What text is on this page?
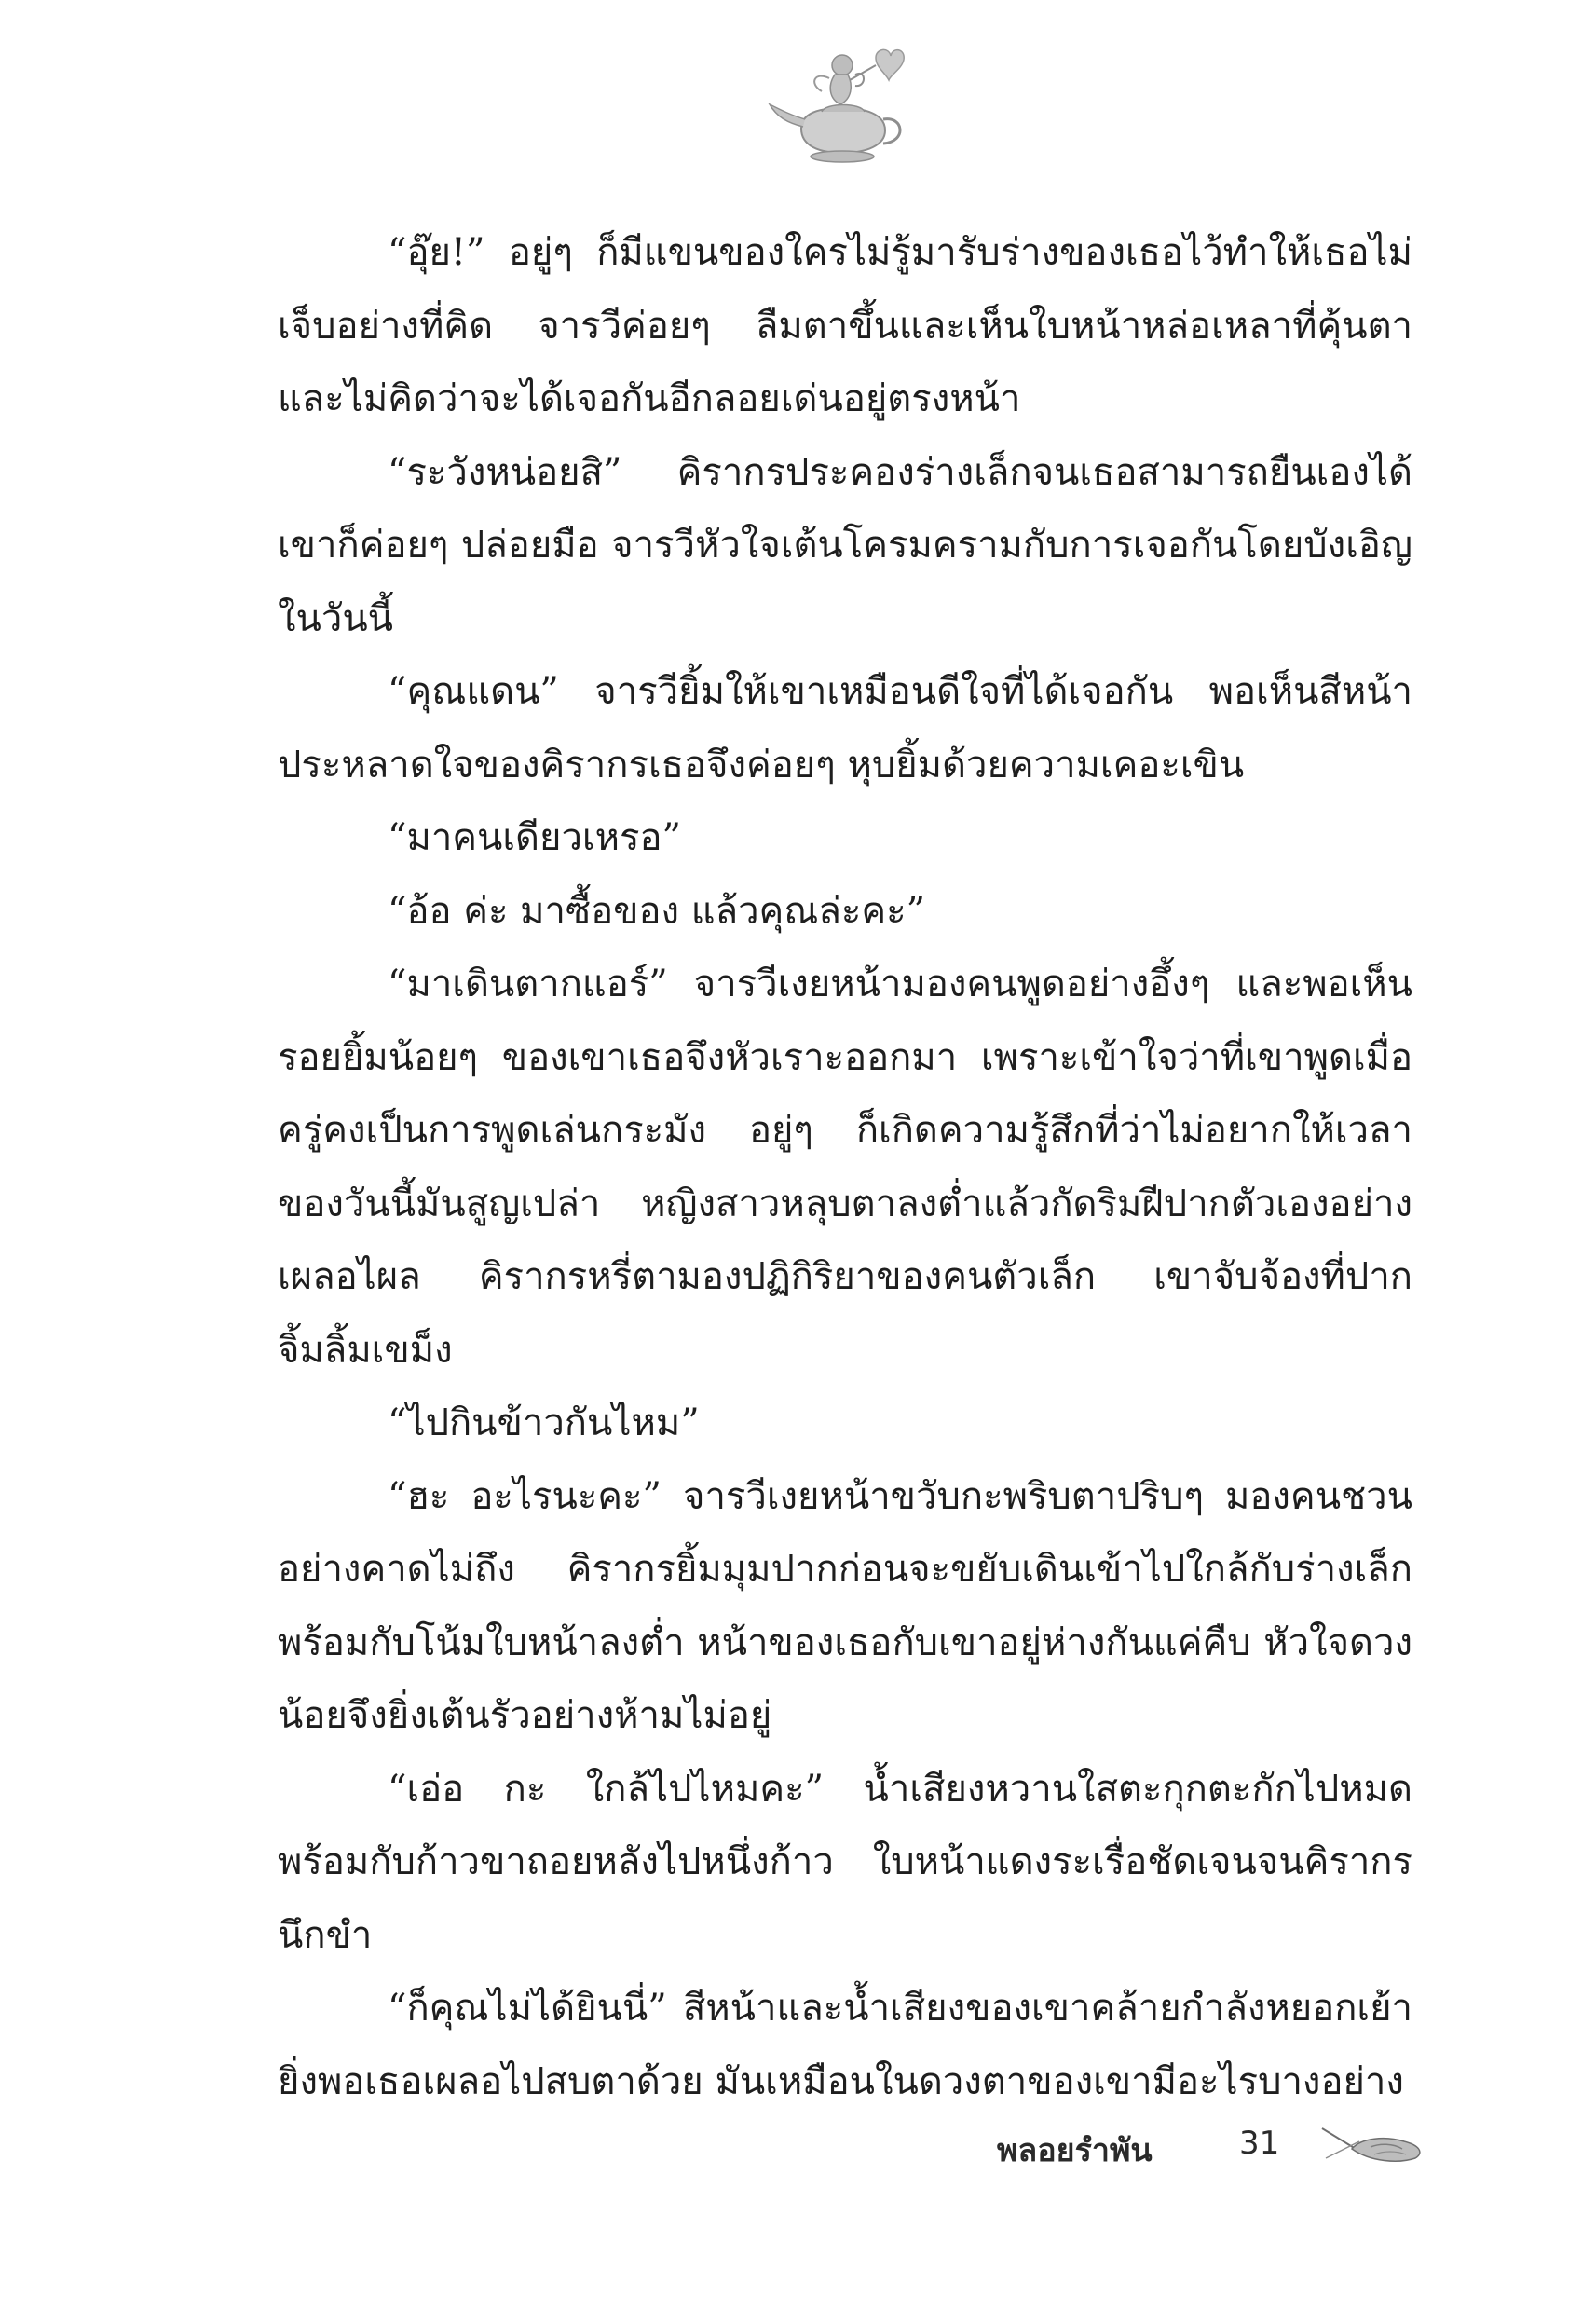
“อุ๊ย!” อยู่ๆ ก็มีแขนของใครไม่รู้มารับร่างของเธอไว้ทำให้เธอไม่เจ็บอย่างที่คิด จารวีค่อยๆ ลืมตาขึ้นและเห็นใบหน้าหล่อเหลาที่คุ้นตาและไม่คิดว่าจะได้เจอกันอีกลอยเด่นอยู่ตรงหน้า

“ระวังหน่อยสิ” คิรากรประคองร่างเล็กจนเธอสามารถยืนเองได้ เขาก็ค่อยๆ ปล่อยมือ จารวีหัวใจเต้นโครมครามกับการเจอกันโดยบังเอิญในวันนี้

“คุณแดน” จารวียิ้มให้เขาเหมือนดีใจที่ได้เจอกัน พอเห็นสีหน้าประหลาดใจของคิรากรเธอจึงค่อยๆ หุบยิ้มด้วยความเคอะเขิน

“มาคนเดียวเหรอ”

“อ้อ ค่ะ มาซื้อของ แล้วคุณล่ะคะ”

“มาเดินตากแอร์” จารวีเงยหน้ามองคนพูดอย่างอึ้งๆ และพอเห็นรอยยิ้มน้อยๆ ของเขาเธอจึงหัวเราะออกมา เพราะเข้าใจว่าที่เขาพูดเมื่อครู่คงเป็นการพูดเล่นกระมัง อยู่ๆ ก็เกิดความรู้สึกที่ว่าไม่อยากให้เวลาของวันนี้มันสูญเปล่า หญิงสาวหลุบตาลงต่ำแล้วกัดริมฝีปากตัวเองอย่างเผลอไผล คิรากรหรี่ตามองปฏิกิริยาของคนตัวเล็ก เขาจับจ้องที่ปากจิ้มลิ้มเขม็ง

“ไปกินข้าวกันไหม”

“ฮะ อะไรนะคะ” จารวีเงยหน้าขวับกะพริบตาปริบๆ มองคนชวนอย่างคาดไม่ถึง คิรากรยิ้มมุมปากก่อนจะขยับเดินเข้าไปใกล้กับร่างเล็กพร้อมกับโน้มใบหน้าลงต่ำ หน้าของเธอกับเขาอยู่ห่างกันแค่คืบ หัวใจดวงน้อยจึงยิ่งเต้นรัวอย่างห้ามไม่อยู่

“เอ่อ กะ ใกล้ไปไหมคะ” น้ำเสียงหวานใสตะกุกตะกักไปหมดพร้อมกับก้าวขาถอยหลังไปหนึ่งก้าว ใบหน้าแดงระเรื่อชัดเจนจนคิรากรนึกขำ

“ก็คุณไม่ได้ยินนี่” สีหน้าและน้ำเสียงของเขาคล้ายกำลังหยอกเย้ายิ่งพอเธอเผลอไปสบตาด้วย มันเหมือนในดวงตาของเขามีอะไรบางอย่าง

พลอยรำพัน	31
